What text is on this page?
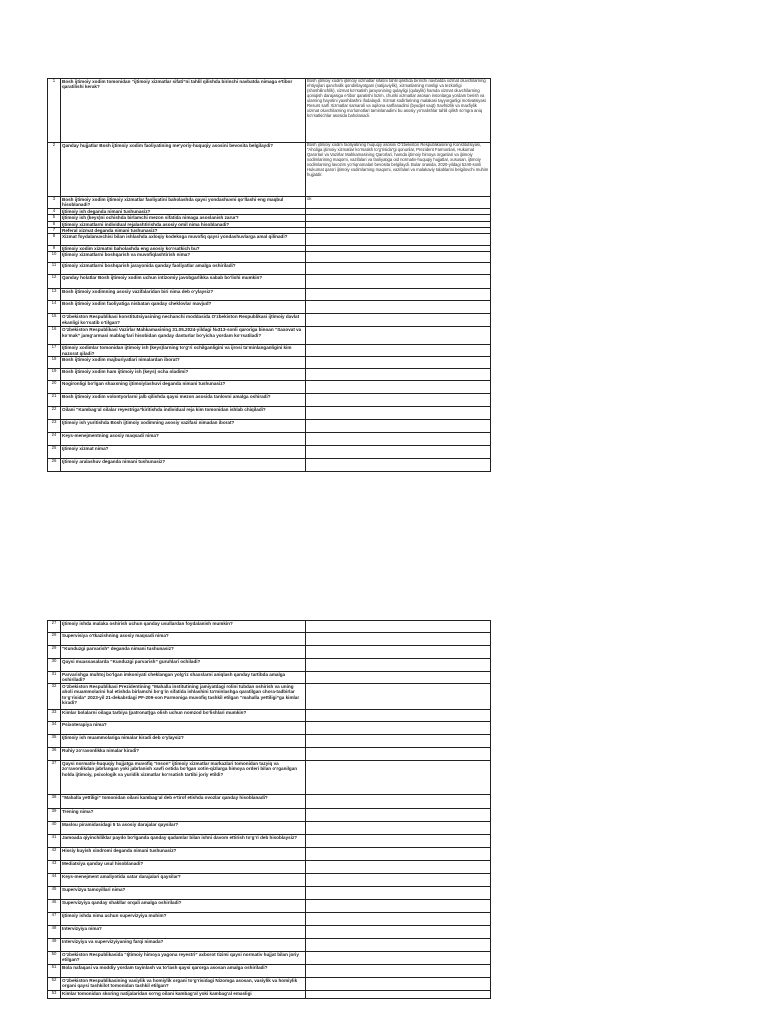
1	Bosh ijtimoiy xodim tomonidan “ijtimoiy xizmatlar sifati”ni tahlil qilishda birinchi navbatda nimaga e’tibor qaratilishi kerak?	Bosh ijtimoiy xodim ijtimoiy xizmatlar sifatini tahlil qilishda birinchi navbatda xizmat oluvchilarning ehtiyojlari qanchalik qondirilayotgani (natijaviylik), xizmatlarning mosligi va tezkorligi (shoshilinchlik), xizmat ko‘rsatish jarayonining qulayligi (qulaylik) hamda xizmat oluvchilarning qoniqish darajasiga e’tibor qaratishi lozim, chunki xizmatlar asosan insonlarga yordam berish va ularning hayotini yaxshilashni ifodalaydi. Xizmat sodirlarining malakasi tayyorgarligi motivatsiyasi Resurs sarfi Xizmatlar samarali va oqilona sarflanadimi (byudjet vaqt) Xavfsizlik va maxfiylik xizmat oluvchilarning ma’lumotlari taminlanadimi bu asosiy yo‘nalishlar tahlil qilish so‘ngra aniq ko‘rsatkichlar asosida baholanadi.

2	Qanday hujjatlar Bosh ijtimoiy xodim faoliyatining me’yoriy-huquqiy asosini bevosita belgilaydi?	Bosh ijtimoiy xodim faoliyatining huquqiy asosini O‘zbekiston Respublikasining Konstitutsiyasi, “Aholiga ijtimoiy xizmatlar ko‘rsatish to‘g‘risida”gi qonunlar, Prezident Farmonlari, Hukumat Qarorlari va Vazirlar Mahkamasining Qarorlari, hamda ijtimoiy himoya organlari va ijtimoiy xodimlarining maqomi, vazifalari va faoliyatiga oid normativ-huquqiy hujjatlar, xususan, ijtimoiy xodimlarning lavozim yo‘riqnomalari bevosita belgilaydi. Bular orasida, 2020-yildagi 5240-sonli Hukumat qarori ijtimoiy xodimlarning maqomi, vazifalari va malakaviy talablarini belgilovchi muhim hujjatdir.

3	Bosh ijtimoiy xodim ijtimoiy xizmatlar faoliyatini baholashda qaysi yondashuvni qo‘llashi eng maqbul hisoblanadi?	ok

4	Ijtimoiy ish deganda nimani tushunasiz?	

5	Ijtimoiy ish (keys)ni ochishda birlamchi mezon sifatida nimaga asoslanish zarur?	

6	Ijtimoiy xizmatlarni individual rejalashtirishda asosiy omil nima hisoblanadi?	

7	Referal xizmat deganda nimani tushunasiz?	

8	Xizmat foydalanuvchisi bilan ishlashda axloqiy kodeksga muvofiq qaysi yondashuvlarga amal qilinadi?	

9	Ijtimoiy xodim xizmatni baholashda eng asosiy ko‘rsatkich bu?	

10	Ijtimoiy xizmatlarni boshqarish va muvofiqlashtirish nima?	

11	Ijtimoiy xizmatlarni boshqarish jarayonida qanday faoliyatlar amalga oshiriladi?	

12	Qanday holatlar Bosh ijtimoiy xodim uchun intizomiy javobgarlikka sabab bo‘lishi mumkin?	

13	Bosh ijtimoiy xodimning asosiy vazifalaridan biri nima deb o‘ylaysiz?	

14	Bosh ijtimoiy xodim faoliyatiga nisbatan qanday cheklovlar mavjud?	

15	O‘zbekiston Respublikasi konstitutsiyasining nechanchi moddasida O‘zbekiston Respublikasi ijtimoiy davlat ekanligi ko‘rsatib o‘tilgan?	

16	O‘zbekiston Respublikasi Vazirlar Mahkamasining 31.05.2024-yildagi №313-sonli qaroriga binoan “Saxovat va ko‘mak” jamg‘armasi mablag‘lari hisobidan qanday dasturlar bo‘yicha yordam ko‘rsatiladi?	

17	Ijtimoiy xodimlar tomonidan ijtimoiy ish (keys)larning to‘g‘ri ochilganligini va ijrosi ta’minlanganligini kim nazorat qiladi?	

18	Bosh ijtimoiy xodim majburiyatlari nimalardan iborat?	

19	Bosh ijtimoiy xodim ham ijtimoiy ish (keys) ocha oladimi?	

20	Nogironligi bo‘lgan shaxsning ijtimoiylashuvi deganda nimani tushunasiz?	

21	Bosh ijtimoiy xodim volontyorlarni jalb qilishda qaysi mezon asosida tanlovni amalga oshiradi?	

22	Oilani “Kambag‘al oilalar reyestriga”kiritishda individual reja kim tomonidan ishlab chiqiladi?	

23	Ijtimoiy ish yuritishda Bosh ijtimoiy xodimning asosiy vazifasi nimadan iborat?	

24	Keys-menejmentning asosiy maqsadi nima?	

25	Ijtimoiy xizmat nima?	

26	Ijtimoiy aralashuv deganda nimani tushunasiz?	
27	Ijtimoiy ishda malaka oshirish uchun qanday usullardan foydalanish mumkin?	

28	Supervisiya o‘tkazishning asosiy maqsadi nima?	

29	“Kunduzgi parvarish” deganda nimani tushunasiz?	

30	Qaysi muassasalarda “Kunduzgi parvarish” guruhlari ochiladi?	

31	Parvarishga muhtoj bo‘lgan imkoniyati cheklangan yolg‘iz shaxslarni aniqlash qanday tartibda amalga oshiriladi?	

32	O‘zbekiston Respublikasi Prezidentining “Mahalla institutining jamiyatdagi rolini tubdan oshirish va uning aholi muammolarini hal etishda birlamchi bo‘g‘in sifatida ishlashini ta’minlashga qaratilgan chora-tadbirlar to‘g‘risida” 2023-yil 21-dekabrdagi PF-209-son Farmoniga muvofiq tashkil etilgan “mahalla yettiligi”ga kimlar kiradi?	

33	Kimlar bolalarni oilaga tarbiya (patronat)ga olish uchun nomzod bo‘lishlari mumkin?	

34	Psixoterapiya nima?	

35	Ijtimoiy ish muammolariga nimalar kiradi deb o‘ylaysiz?	

36	Ruhiy zo‘ravonlikka nimalar kiradi?	

37	Qaysi normativ-huquqiy hujjatga muvofiq “Inson” ijtimoiy xizmatlar markazlari tomonidan tazyiq va zo‘ravonlikdan jabrlangan yoki jabrlanish xavfi ostida bo‘lgan xotin-qizlarga himoya orderi bilan o‘rganilgan holda ijtimoiy, psixologik va yuridik xizmatlar ko‘rsatish tartibi joriy etildi?	

38	“Mahalla yettiligi” tomonidan oilani kambag‘al deb e’tirof etishda ovozlar qanday hisoblanadi?	

39	Trening nima?	

40	Maslou piramidasidagi 5 ta asosiy darajalar qaysilar?	

41	Jamoada qiyinchiliklar paydo bo‘lganda qanday qadamlar bilan ishni davom ettirish to‘g‘ri deb hisoblaysiz?	

42	Hissiy kuyish sindromi deganda nimani tushunasiz?	

43	Mediatsiya qanday usul hisoblanadi?	

44	Keys-menejment amaliyotida xatar darajalari qaysilar?	

45	Supervizya tamoyillari nima?	

46	Supervizyiya qanday shakllar orqali amalga oshiriladi?	

47	Ijtimoiy ishda nima uchun supervizyiya muhim?	

48	Intervizyiya nima?	

49	Intervizyiya va supervizyiyaning farqi nimada?	

50	O‘zbekiston Respublikasida “Ijtimoiy himoya yagona reyestri” axborot tizimi qaysi normativ hujjat bilan joriy etilgan?	

51	Bola nafaqasi va moddiy yordam tayinlash va to‘lash qaysi qarorga asosan amalga oshiriladi?	

52	O‘zbekiston Respublikasining vasiylik va homiylik organi to‘g‘risidagi Nizomga asosan, vasiylik va homiylik organi qaysi tashkilot tomonidan tashkil etilgan?	

53	Kimlar tomonidan skoring natijalaridan so‘ng oilani kambag‘al yoki kambag‘al emasligi	
